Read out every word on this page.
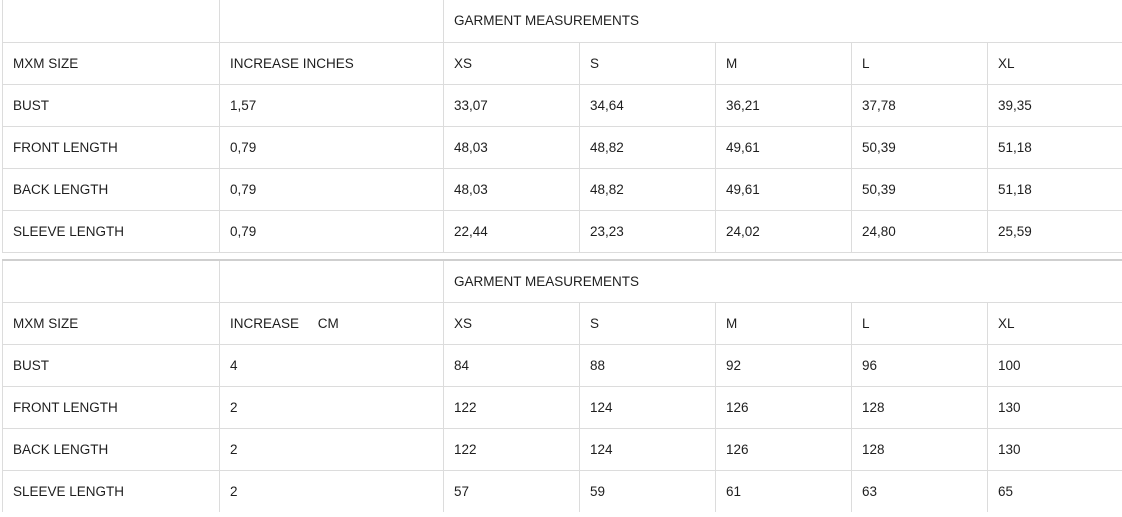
		GARMENT MEASUREMENTS				
MXM SIZE	INCREASE INCHES	XS	S	M	L	XL
BUST	1,57	33,07	34,64	36,21	37,78	39,35
FRONT LENGTH	0,79	48,03	48,82	49,61	50,39	51,18
BACK LENGTH	0,79	48,03	48,82	49,61	50,39	51,18
SLEEVE LENGTH	0,79	22,44	23,23	24,02	24,80	25,59
		GARMENT MEASUREMENTS				
MXM SIZE	INCREASE     CM	XS	S	M	L	XL
BUST	4	84	88	92	96	100
FRONT LENGTH	2	122	124	126	128	130
BACK LENGTH	2	122	124	126	128	130
SLEEVE LENGTH	2	57	59	61	63	65
